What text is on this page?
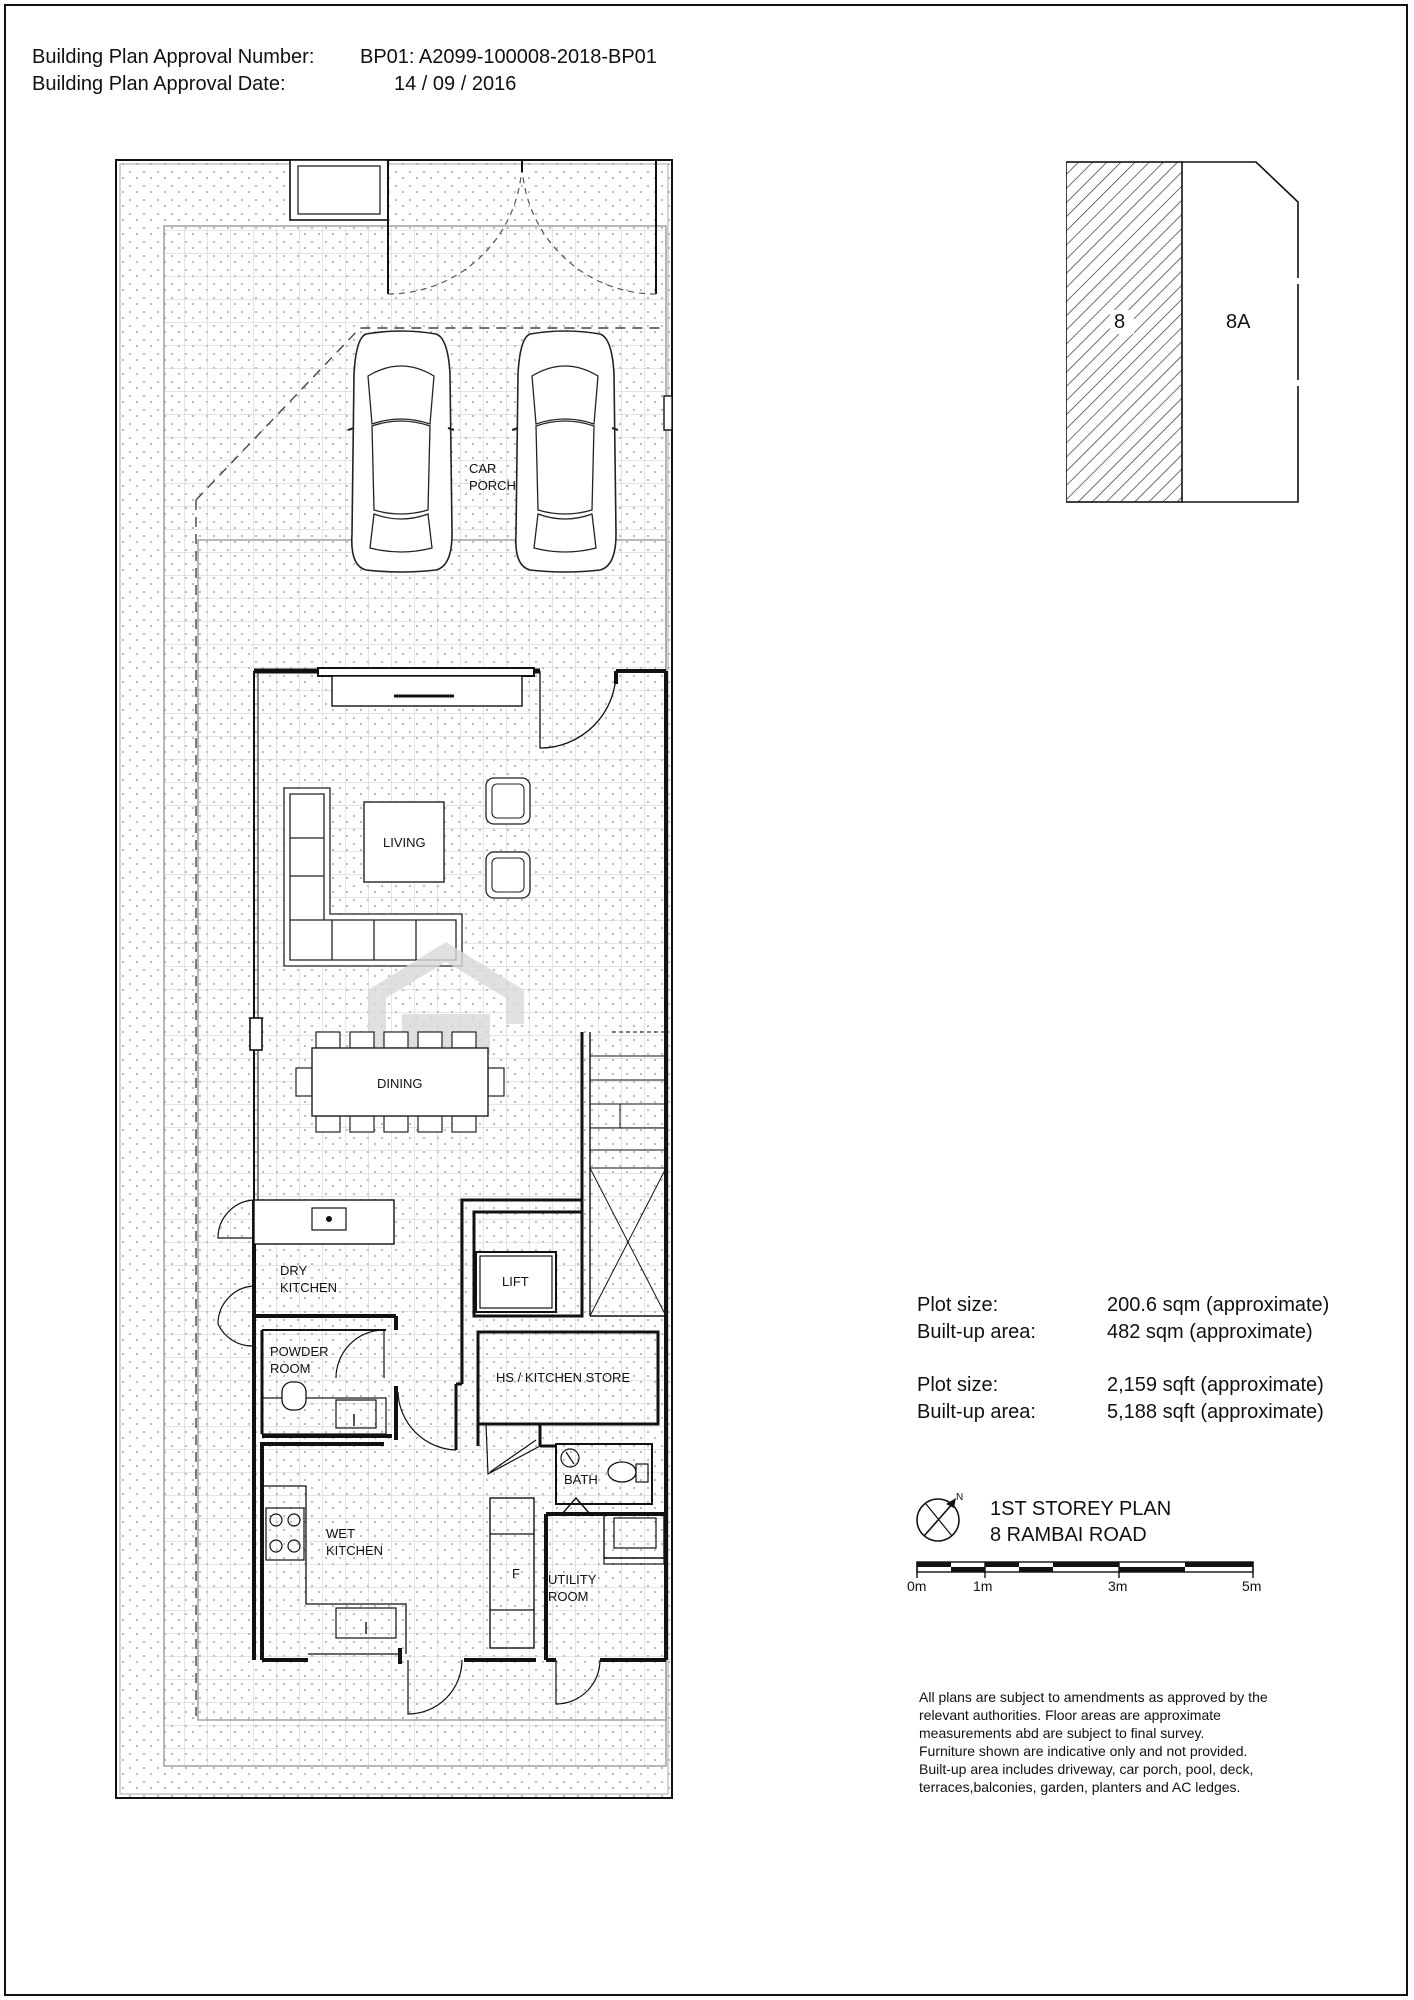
Building Plan Approval Number:	BP01: A2099-100008-2018-BP01
Building Plan Approval Date:	14 / 09 / 2016
CAR
PORCH
LIVING
DINING
DRY
KITCHEN	LIFT
POWDER
ROOM
HS / KITCHEN STORE
BATH
WET
KITCHEN
F UTILITY
ROOM
8	8A
Plot size:	200.6 sqm (approximate)
Built-up area:	482 sqm (approximate)
Plot size:	2,159 sqft (approximate)
Built-up area:	5,188 sqft (approximate)
N
1ST STOREY PLAN
8 RAMBAI ROAD
0m	1m	3m	5m
All plans are subject to amendments as approved by the
relevant authorities. Floor areas are approximate
measurements abd are subject to final survey.
Furniture shown are indicative only and not provided.
Built-up area includes driveway, car porch, pool, deck,
terraces,balconies, garden, planters and AC ledges.
